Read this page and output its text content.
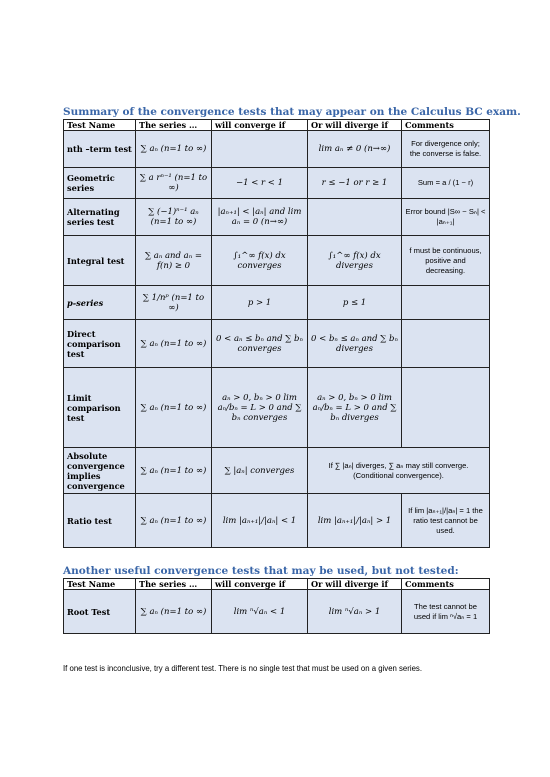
Summary of the convergence tests that may appear on the Calculus BC exam.
Test Name	The series …	will converge if	Or will diverge if	Comments
nth –term test	∑ aₙ (n=1 to ∞)		lim aₙ ≠ 0 (n→∞)	For divergence only; the converse is false.
Geometric series	∑ a rⁿ⁻¹ (n=1 to ∞)	−1 < r < 1	r ≤ −1 or r ≥ 1	Sum = a / (1 − r)
Alternating series test	∑ (−1)ⁿ⁻¹ aₙ (n=1 to ∞)	|aₙ₊₁| < |aₙ| and lim aₙ = 0 (n→∞)		Error bound |S∞ − Sₙ| < |aₙ₊₁|
Integral test	∑ aₙ and aₙ = f(n) ≥ 0	∫₁^∞ f(x) dx converges	∫₁^∞ f(x) dx diverges	f must be continuous, positive and decreasing.
p-series	∑ 1/nᵖ (n=1 to ∞)	p > 1	p ≤ 1	
Direct comparison test	∑ aₙ (n=1 to ∞)	0 < aₙ ≤ bₙ and ∑ bₙ converges	0 < bₙ ≤ aₙ and ∑ bₙ diverges	
Limit comparison test	∑ aₙ (n=1 to ∞)	aₙ > 0, bₙ > 0 lim aₙ/bₙ = L > 0 and ∑ bₙ converges	aₙ > 0, bₙ > 0 lim aₙ/bₙ = L > 0 and ∑ bₙ diverges	
Absolute convergence implies convergence	∑ aₙ (n=1 to ∞)	∑ |aₙ| converges	If ∑ |aₙ| diverges, ∑ aₙ may still converge. (Conditional convergence).	
Ratio test	∑ aₙ (n=1 to ∞)	lim |aₙ₊₁|/|aₙ| < 1	lim |aₙ₊₁|/|aₙ| > 1	If lim |aₙ₊₁|/|aₙ| = 1 the ratio test cannot be used.
Another useful convergence tests that may be used, but not tested:
Test Name	The series …	will converge if	Or will diverge if	Comments
Root Test	∑ aₙ (n=1 to ∞)	lim ⁿ√aₙ < 1	lim ⁿ√aₙ > 1	The test cannot be used if lim ⁿ√aₙ = 1
If one test is inconclusive, try a different test. There is no single test that must be used on a given series.
